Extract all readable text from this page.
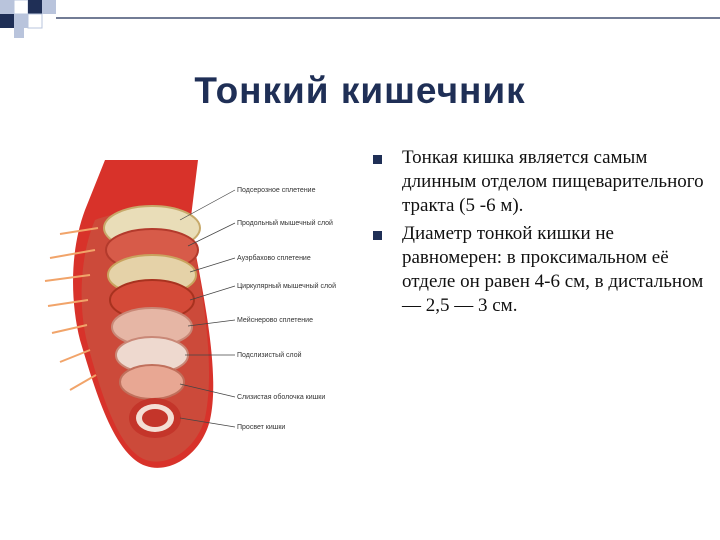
Тонкий кишечник
Подсерозное сплетение
Продольный мышечный слой
Ауэрбахово сплетение
Циркулярный мышечный слой
Мейснерово сплетение
Подслизистый слой
Слизистая оболочка кишки
Просвет кишки
Тонкая кишка является самым длинным отделом пищеварительного тракта (5 -6 м).
Диаметр тонкой кишки не равномерен: в проксимальном её отделе он равен 4-6 см, в дистальном — 2,5 — 3 см.
